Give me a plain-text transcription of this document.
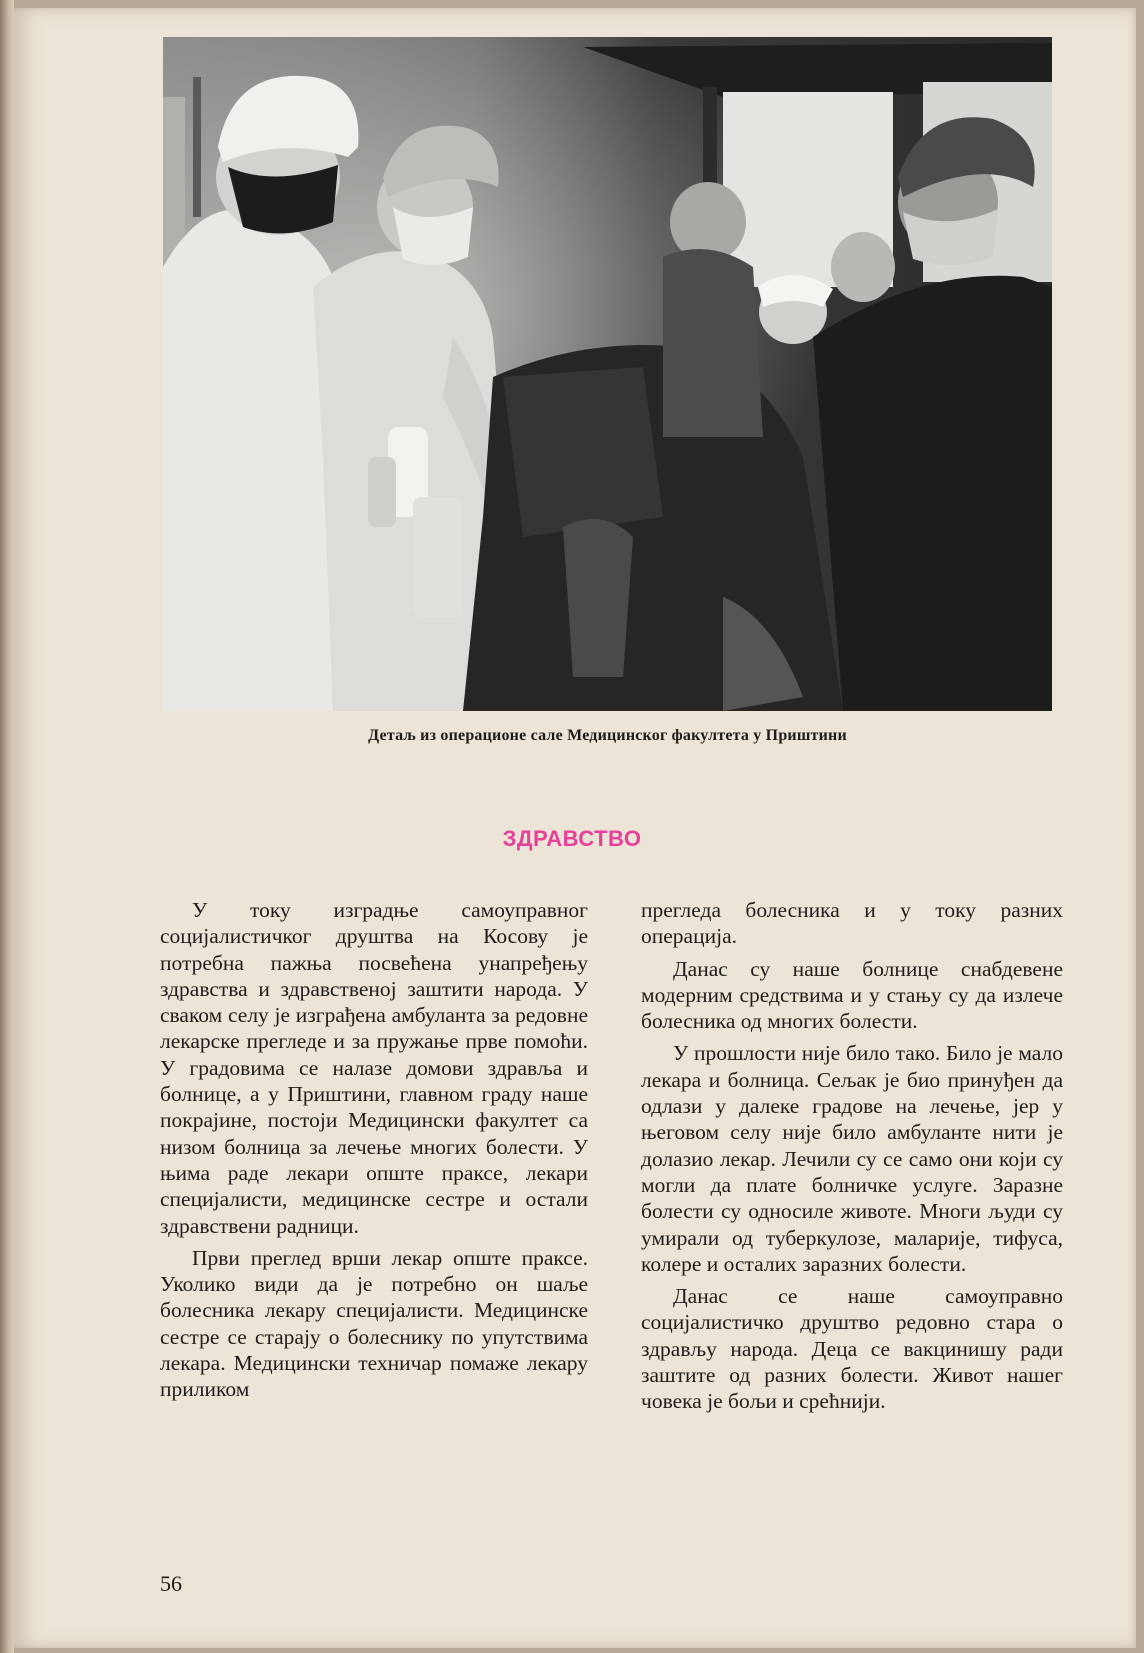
Детаљ из операционе сале Медицинског факултета у Приштини
ЗДРАВСТВО

У току изградње самоуправног социјалистичког друштва на Косову је потребна пажња посвећена унапређењу здравства и здравственој заштити народа. У сваком селу је изграђена амбуланта за редовне лекарске прегледе и за пружање прве помоћи. У градовима се налазе домови здравља и болнице, а у Приштини, главном граду наше покрајине, постоји Медицински факултет са низом болница за лечење многих болести. У њима раде лекари опште праксе, лекари специјалисти, медицинске сестре и остали здравствени радници.

Први преглед врши лекар опште праксе. Уколико види да је потребно он шаље болесника лекару специјалисти. Медицинске сестре се старају о болеснику по упутствима лекара. Медицински техничар помаже лекару приликом

прегледа болесника и у току разних операција.

Данас су наше болнице снабдевене модерним средствима и у стању су да излече болесника од многих болести.

У прошлости није било тако. Било је мало лекара и болница. Сељак је био принуђен да одлази у далеке градове на лечење, јер у његовом селу није било амбуланте нити је долазио лекар. Лечили су се само они који су могли да плате болничке услуге. Заразне болести су односиле животе. Многи људи су умирали од туберкулозе, маларије, тифуса, колере и осталих заразних болести.

Данас се наше самоуправно социјалистичко друштво редовно стара о здрављу народа. Деца се вакцинишу ради заштите од разних болести. Живот нашег човека је бољи и срећнији.

56
